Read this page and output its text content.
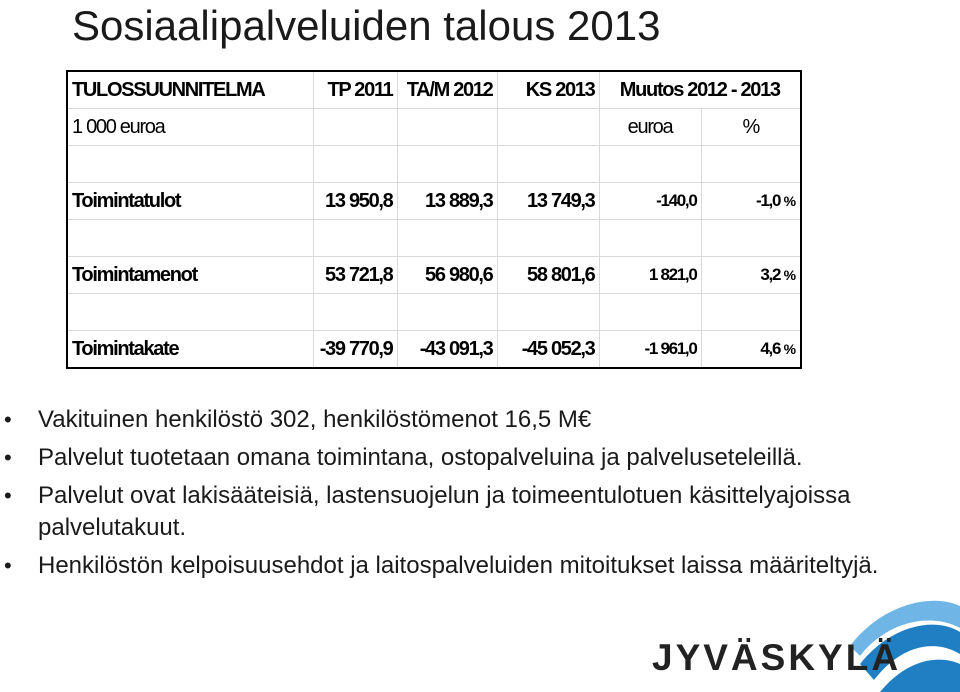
Sosiaalipalveluiden talous 2013
TULOSSUUNNITELMA	TP 2011	TA/M 2012	KS 2013	Muutos 2012 - 2013	
1 000 euroa				euroa	%

Toimintatulot	13 950,8	13 889,3	13 749,3	-140,0	-1,0 %

Toimintamenot	53 721,8	56 980,6	58 801,6	1 821,0	3,2 %

Toimintakate	-39 770,9	-43 091,3	-45 052,3	-1 961,0	4,6 %
• Vakituinen henkilöstö 302, henkilöstömenot 16,5 M€
• Palvelut tuotetaan omana toimintana, ostopalveluina ja palveluseteleillä.
• Palvelut ovat lakisääteisiä, lastensuojelun ja toimeentulotuen käsittelyajoissa palvelutakuut.
• Henkilöstön kelpoisuusehdot ja laitospalveluiden mitoitukset laissa määriteltyjä.
JYVÄSKYLÄ
